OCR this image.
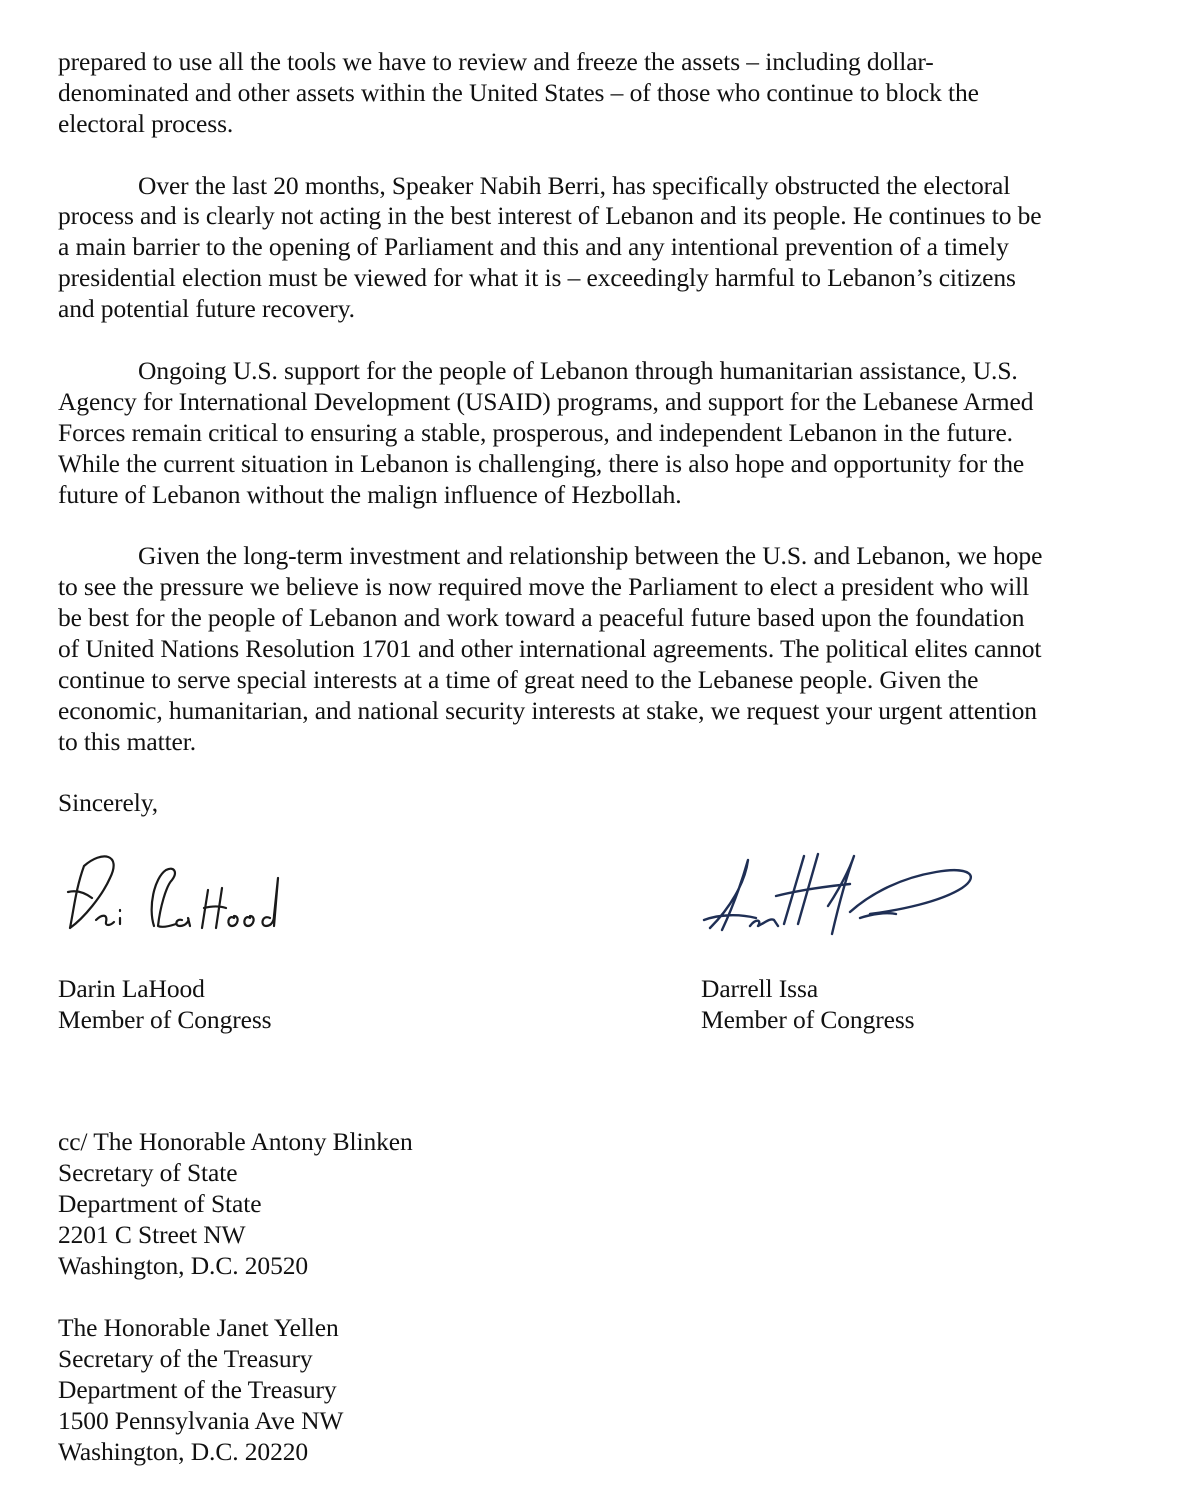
prepared to use all the tools we have to review and freeze the assets – including dollar-
denominated and other assets within the United States – of those who continue to block the
electoral process.
Over the last 20 months, Speaker Nabih Berri, has specifically obstructed the electoral
process and is clearly not acting in the best interest of Lebanon and its people. He continues to be
a main barrier to the opening of Parliament and this and any intentional prevention of a timely
presidential election must be viewed for what it is – exceedingly harmful to Lebanon’s citizens
and potential future recovery.
Ongoing U.S. support for the people of Lebanon through humanitarian assistance, U.S.
Agency for International Development (USAID) programs, and support for the Lebanese Armed
Forces remain critical to ensuring a stable, prosperous, and independent Lebanon in the future.
While the current situation in Lebanon is challenging, there is also hope and opportunity for the
future of Lebanon without the malign influence of Hezbollah.
Given the long-term investment and relationship between the U.S. and Lebanon, we hope
to see the pressure we believe is now required move the Parliament to elect a president who will
be best for the people of Lebanon and work toward a peaceful future based upon the foundation
of United Nations Resolution 1701 and other international agreements. The political elites cannot
continue to serve special interests at a time of great need to the Lebanese people. Given the
economic, humanitarian, and national security interests at stake, we request your urgent attention
to this matter.
Sincerely,
Darin LaHood
Member of Congress
Darrell Issa
Member of Congress
cc/ The Honorable Antony Blinken
Secretary of State
Department of State
2201 C Street NW
Washington, D.C. 20520
The Honorable Janet Yellen
Secretary of the Treasury
Department of the Treasury
1500 Pennsylvania Ave NW
Washington, D.C. 20220
